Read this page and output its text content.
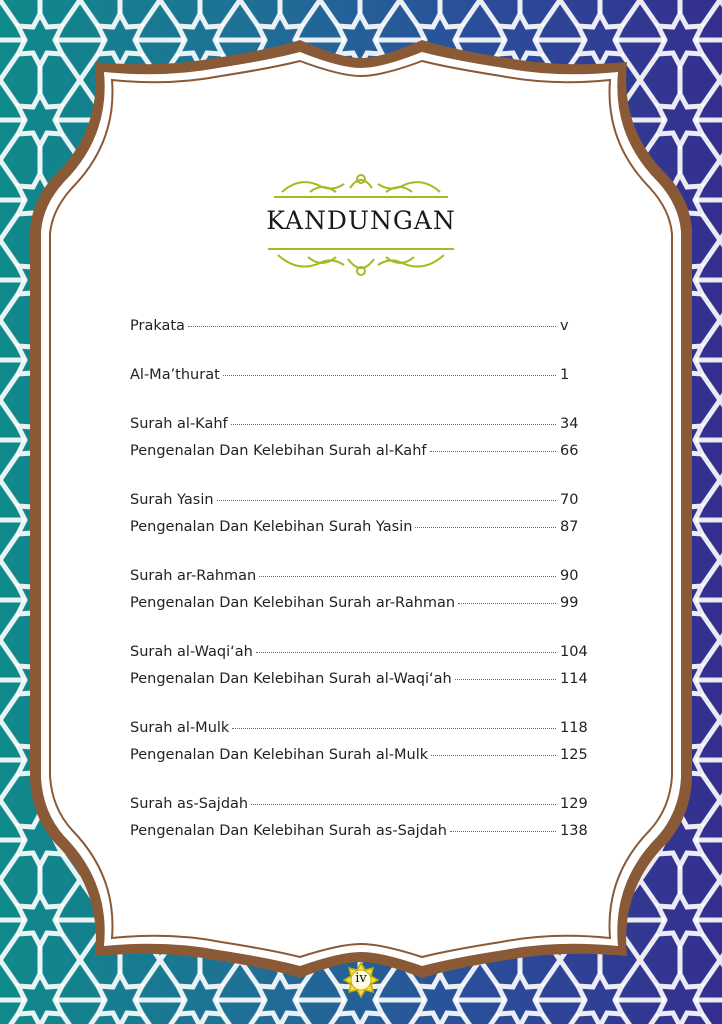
KANDUNGAN
Prakata	v
Al-Ma’thurat	1
Surah al-Kahf	34
Pengenalan Dan Kelebihan Surah al-Kahf	66
Surah Yasin	70
Pengenalan Dan Kelebihan Surah Yasin	87
Surah ar-Rahman	90
Pengenalan Dan Kelebihan Surah ar-Rahman	99
Surah al-Waqi‘ah	104
Pengenalan Dan Kelebihan Surah al-Waqi‘ah	114
Surah al-Mulk	118
Pengenalan Dan Kelebihan Surah al-Mulk	125
Surah as-Sajdah	129
Pengenalan Dan Kelebihan Surah as-Sajdah	138
iv
